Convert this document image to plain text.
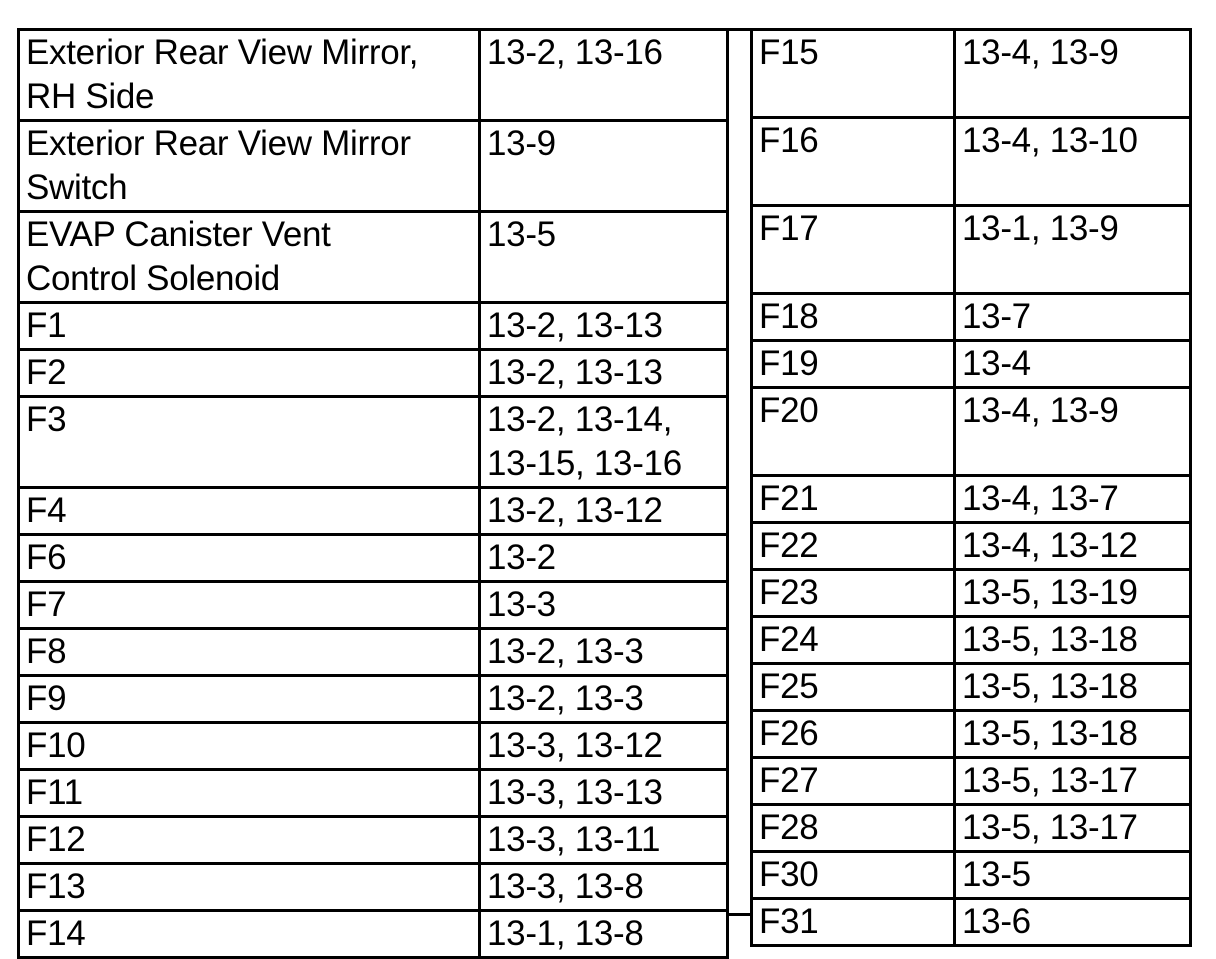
Exterior Rear View Mirror,
RH Side	13-2, 13-16

Exterior Rear View Mirror
Switch	13-9

EVAP Canister Vent
Control Solenoid	13-5

F1	13-2, 13-13

F2	13-2, 13-13

F3	13-2, 13-14,
13-15, 13-16

F4	13-2, 13-12

F6	13-2

F7	13-3

F8	13-2, 13-3

F9	13-2, 13-3

F10	13-3, 13-12

F11	13-3, 13-13

F12	13-3, 13-11

F13	13-3, 13-8

F14	13-1, 13-8
F15	13-4, 13-9

F16	13-4, 13-10

F17	13-1, 13-9

F18	13-7

F19	13-4

F20	13-4, 13-9

F21	13-4, 13-7

F22	13-4, 13-12

F23	13-5, 13-19

F24	13-5, 13-18

F25	13-5, 13-18

F26	13-5, 13-18

F27	13-5, 13-17

F28	13-5, 13-17

F30	13-5

F31	13-6
